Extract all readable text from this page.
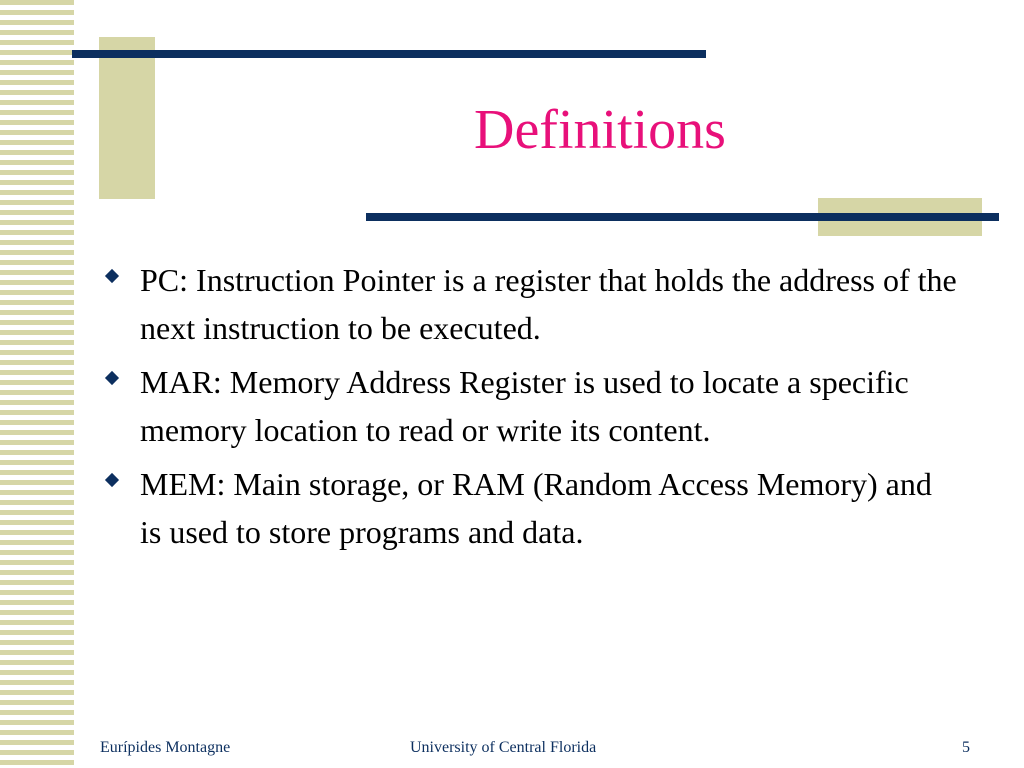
Definitions
PC: Instruction Pointer is a register that holds the address of the next instruction to be executed.
MAR: Memory Address Register is used to locate a specific memory location to read or write its content.
MEM: Main storage, or RAM (Random Access Memory) and is used to store programs and data.

Eurípides Montagne	University of Central Florida	5
